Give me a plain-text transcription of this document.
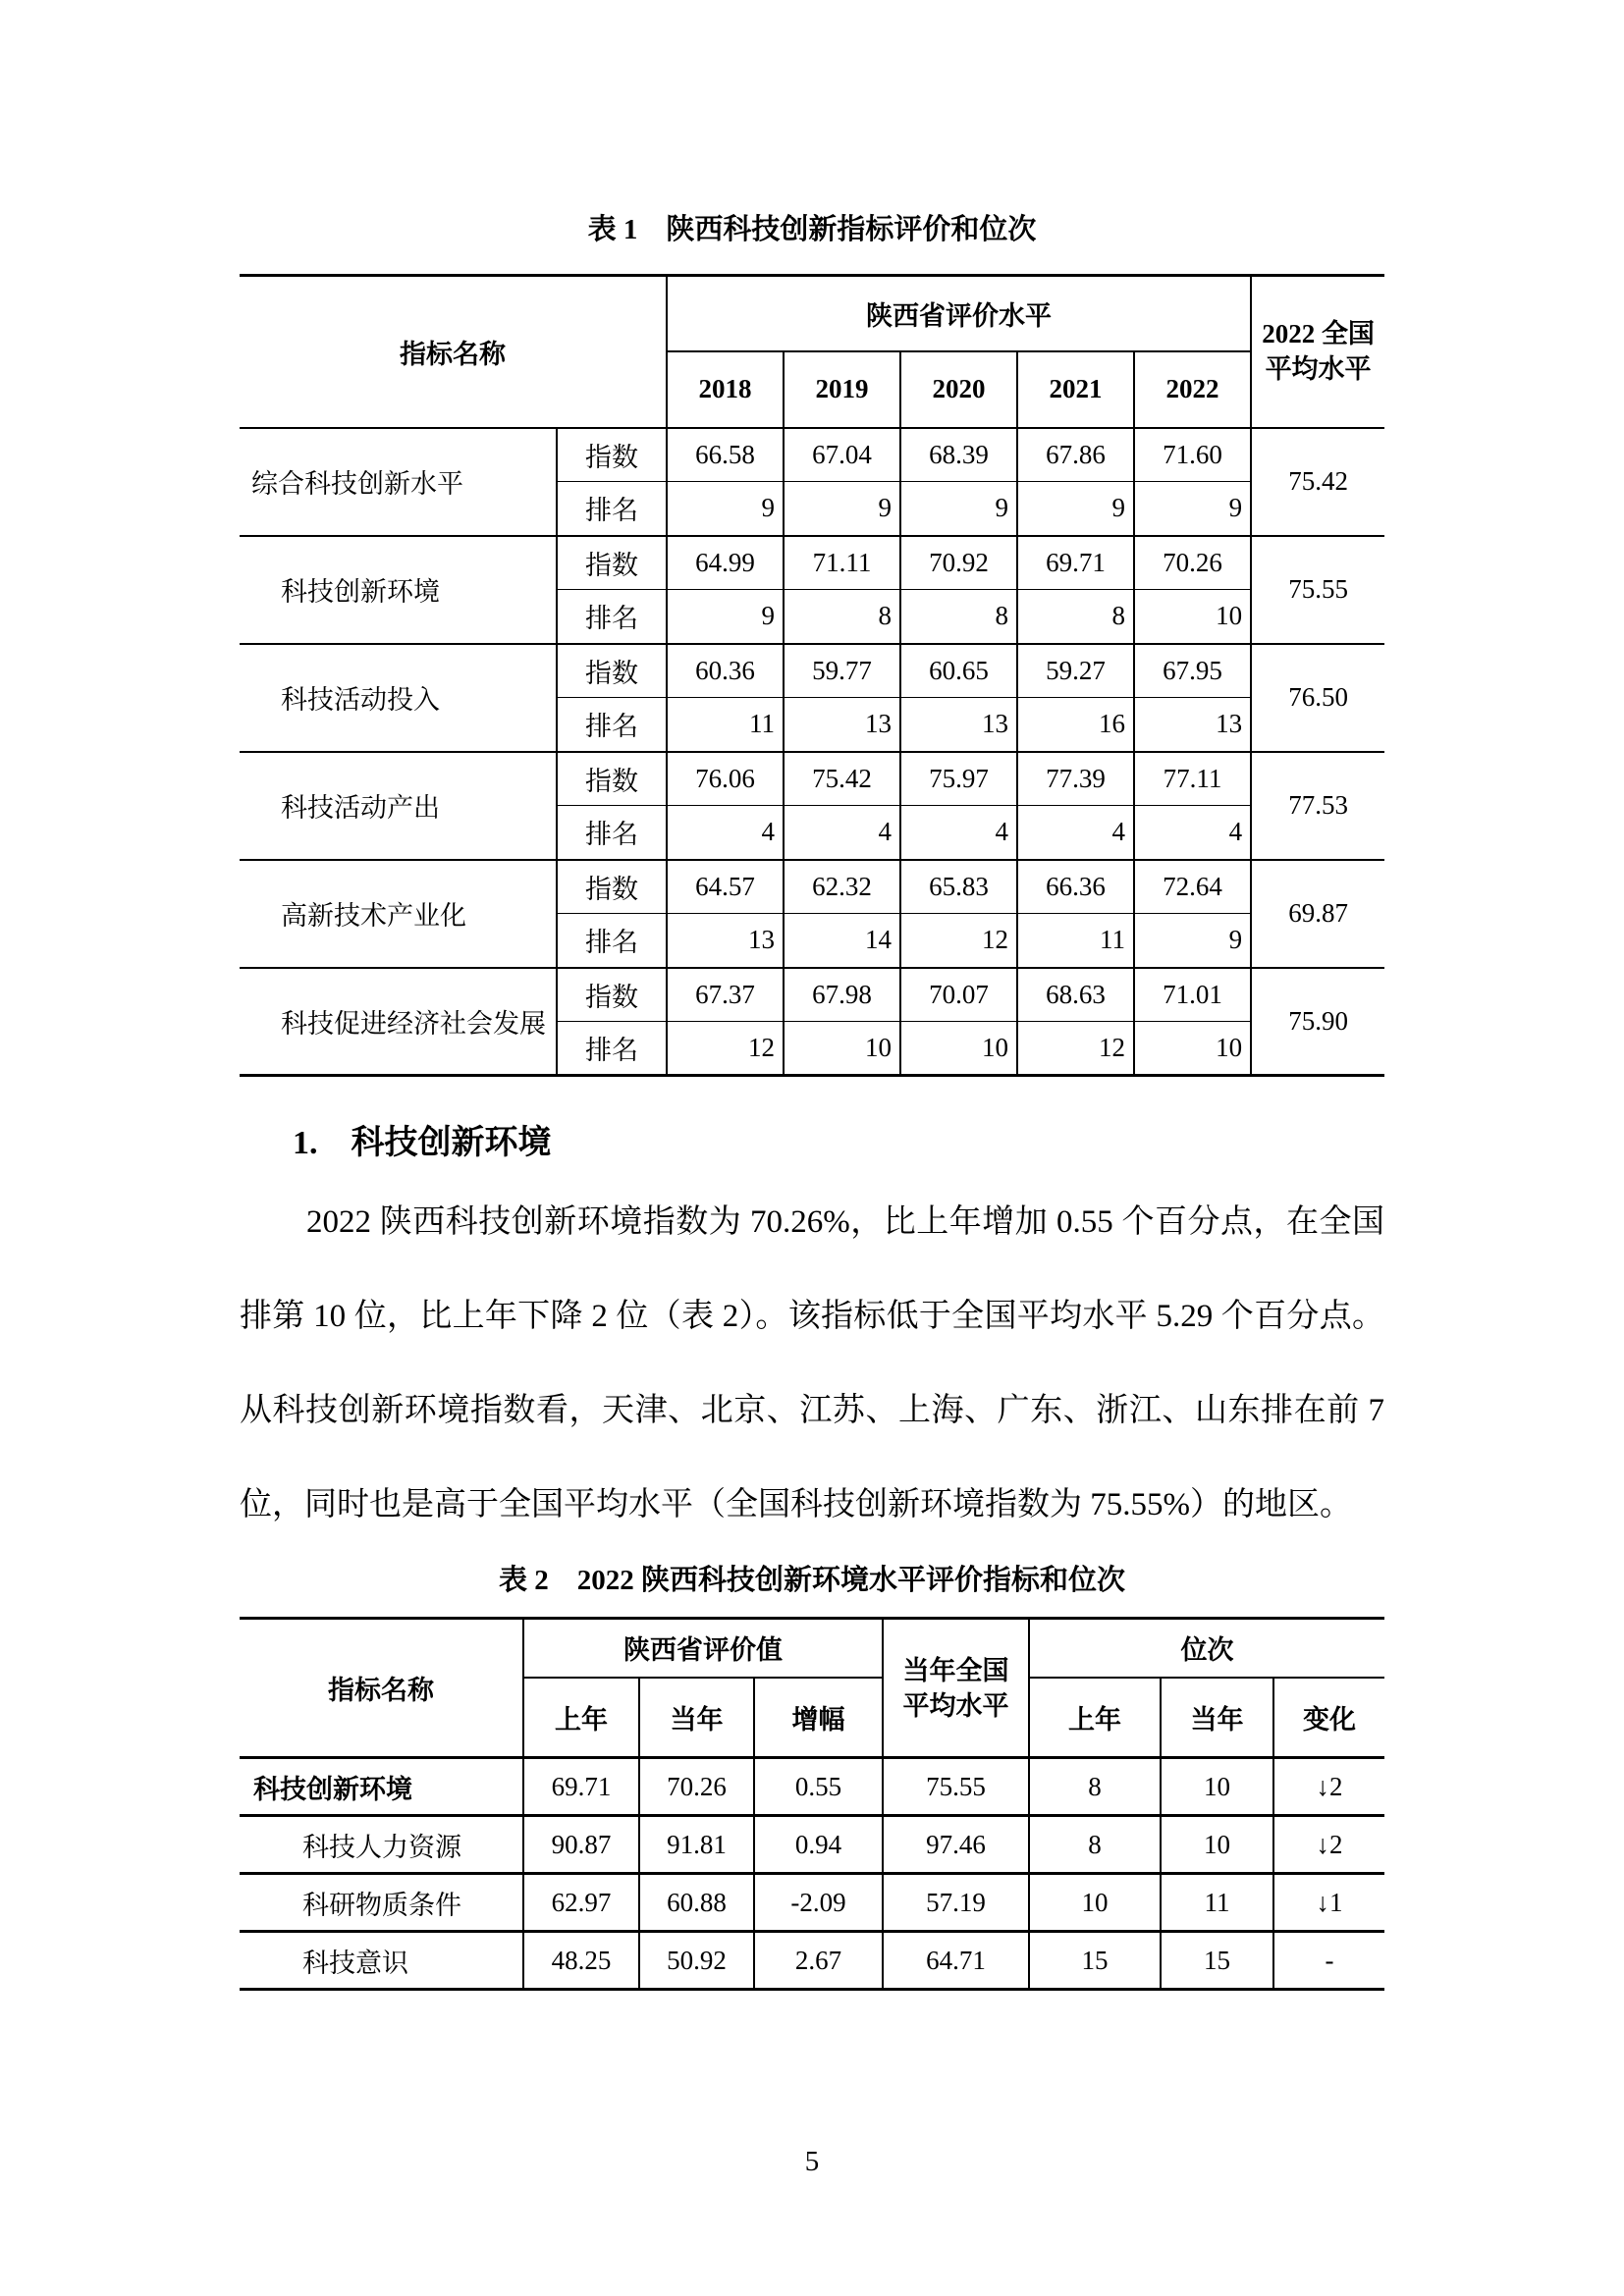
表 1　陕西科技创新指标评价和位次
指标名称		陕西省评价水平					2022 全国
平均水平

		2018	2019	2020	2021	2022	
综合科技创新水平	指数	66.58	67.04	68.39	67.86	71.60	75.42
	排名	9	9	9	9	9	
科技创新环境	指数	64.99	71.11	70.92	69.71	70.26	75.55
	排名	9	8	8	8	10	
科技活动投入	指数	60.36	59.77	60.65	59.27	67.95	76.50
	排名	11	13	13	16	13	
科技活动产出	指数	76.06	75.42	75.97	77.39	77.11	77.53
	排名	4	4	4	4	4	
高新技术产业化	指数	64.57	62.32	65.83	66.36	72.64	69.87
	排名	13	14	12	11	9	
科技促进经济社会发展	指数	67.37	67.98	70.07	68.63	71.01	75.90
	排名	12	10	10	12	10	
1.　科技创新环境
2022 陕西科技创新环境指数为 70.26%，比上年增加 0.55 个百分点，在全国排第 10 位，比上年下降 2 位（表 2）。该指标低于全国平均水平 5.29 个百分点。从科技创新环境指数看，天津、北京、江苏、上海、广东、浙江、山东排在前 7 位，同时也是高于全国平均水平（全国科技创新环境指数为 75.55%）的地区。
表 2　2022 陕西科技创新环境水平评价指标和位次
指标名称	陕西省评价值			当年全国
平均水平	位次		
	上年	当年	增幅		上年	当年	变化
科技创新环境	69.71	70.26	0.55	75.55	8	10	↓2
科技人力资源	90.87	91.81	0.94	97.46	8	10	↓2
科研物质条件	62.97	60.88	-2.09	57.19	10	11	↓1
科技意识	48.25	50.92	2.67	64.71	15	15	-
5
